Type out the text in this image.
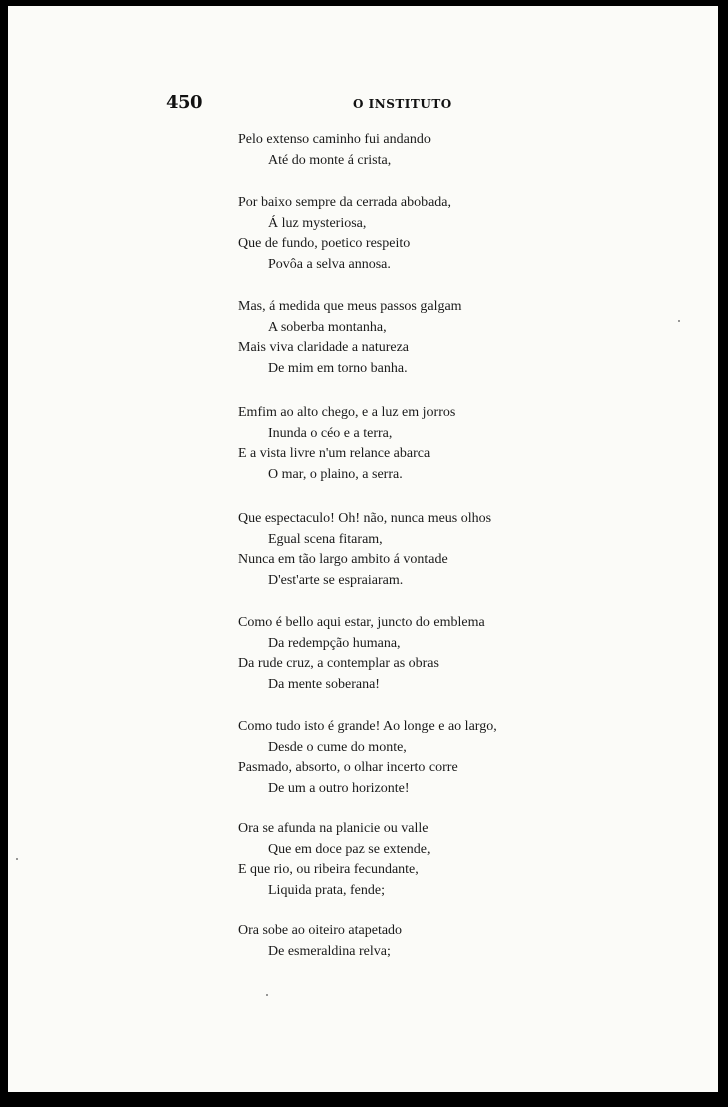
450	O INSTITUTO
Pelo extenso caminho fui andando
Até do monte á crista,
Por baixo sempre da cerrada abobada,
Á luz mysteriosa,
Que de fundo, poetico respeito
Povôa a selva annosa.
Mas, á medida que meus passos galgam
A soberba montanha,
Mais viva claridade a natureza
De mim em torno banha.
Emfim ao alto chego, e a luz em jorros
Inunda o céo e a terra,
E a vista livre n'um relance abarca
O mar, o plaino, a serra.
Que espectaculo! Oh! não, nunca meus olhos
Egual scena fitaram,
Nunca em tão largo ambito á vontade
D'est'arte se espraiaram.
Como é bello aqui estar, juncto do emblema
Da redempção humana,
Da rude cruz, a contemplar as obras
Da mente soberana!
Como tudo isto é grande! Ao longe e ao largo,
Desde o cume do monte,
Pasmado, absorto, o olhar incerto corre
De um a outro horizonte!
Ora se afunda na planicie ou valle
Que em doce paz se extende,
E que rio, ou ribeira fecundante,
Liquida prata, fende;
Ora sobe ao oiteiro atapetado
De esmeraldina relva;
